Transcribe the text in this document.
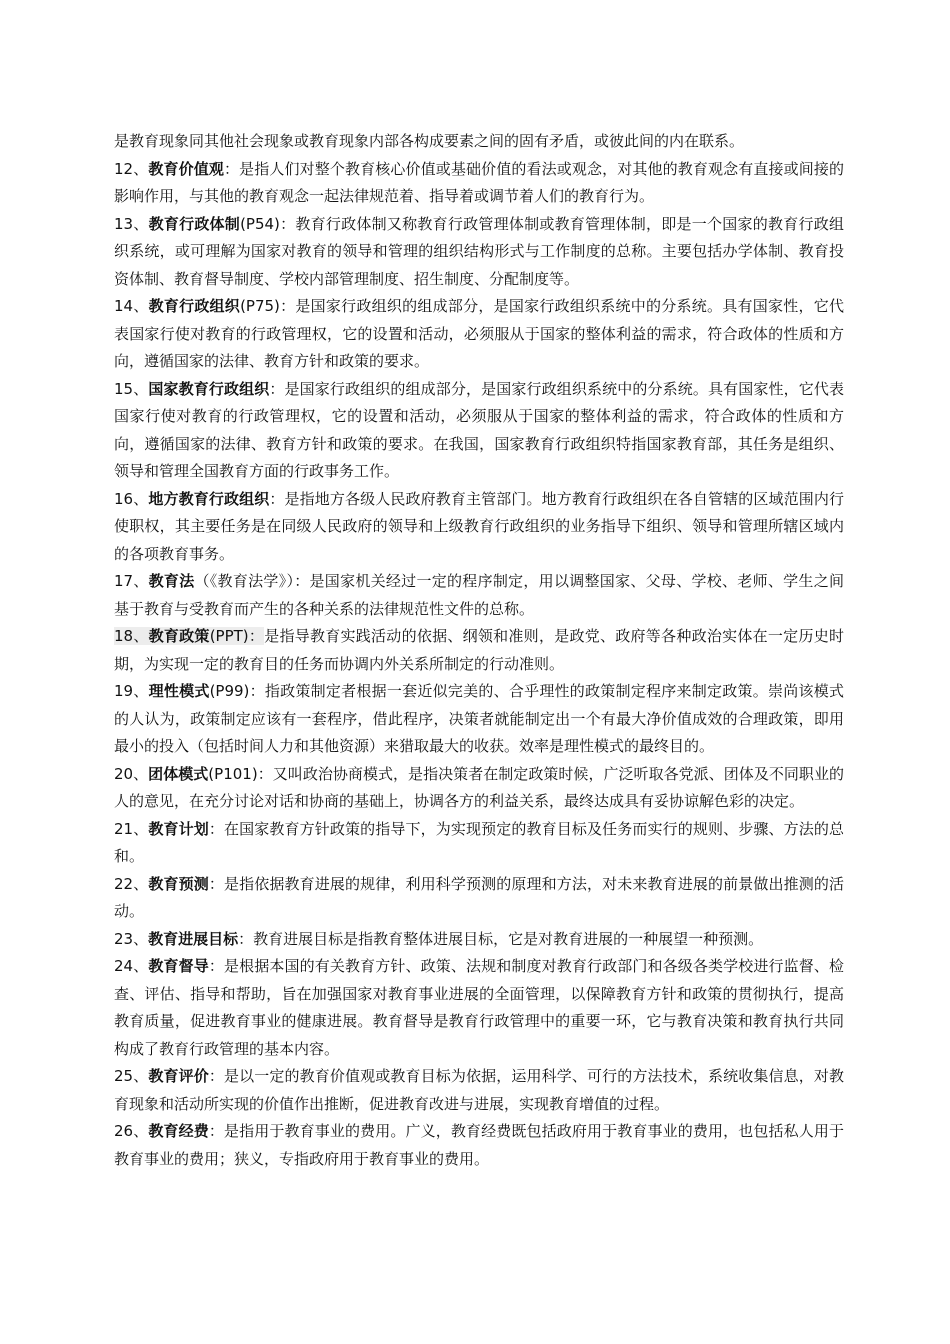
是教育现象同其他社会现象或教育现象内部各构成要素之间的固有矛盾，或彼此间的内在联系。

12、教育价值观：是指人们对整个教育核心价值或基础价值的看法或观念，对其他的教育观念有直接或间接的影响作用，与其他的教育观念一起法律规范着、指导着或调节着人们的教育行为。

13、教育行政体制(P54)：教育行政体制又称教育行政管理体制或教育管理体制，即是一个国家的教育行政组织系统，或可理解为国家对教育的领导和管理的组织结构形式与工作制度的总称。主要包括办学体制、教育投资体制、教育督导制度、学校内部管理制度、招生制度、分配制度等。

14、教育行政组织(P75)：是国家行政组织的组成部分，是国家行政组织系统中的分系统。具有国家性，它代表国家行使对教育的行政管理权，它的设置和活动，必须服从于国家的整体利益的需求，符合政体的性质和方向，遵循国家的法律、教育方针和政策的要求。

15、国家教育行政组织：是国家行政组织的组成部分，是国家行政组织系统中的分系统。具有国家性，它代表国家行使对教育的行政管理权，它的设置和活动，必须服从于国家的整体利益的需求，符合政体的性质和方向，遵循国家的法律、教育方针和政策的要求。在我国，国家教育行政组织特指国家教育部，其任务是组织、领导和管理全国教育方面的行政事务工作。

16、地方教育行政组织：是指地方各级人民政府教育主管部门。地方教育行政组织在各自管辖的区域范围内行使职权，其主要任务是在同级人民政府的领导和上级教育行政组织的业务指导下组织、领导和管理所辖区域内的各项教育事务。

17、教育法（《教育法学》）：是国家机关经过一定的程序制定，用以调整国家、父母、学校、老师、学生之间基于教育与受教育而产生的各种关系的法律规范性文件的总称。

18、教育政策(PPT)：是指导教育实践活动的依据、纲领和准则，是政党、政府等各种政治实体在一定历史时期，为实现一定的教育目的任务而协调内外关系所制定的行动准则。

19、理性模式(P99)：指政策制定者根据一套近似完美的、合乎理性的政策制定程序来制定政策。崇尚该模式的人认为，政策制定应该有一套程序，借此程序，决策者就能制定出一个有最大净价值成效的合理政策，即用最小的投入（包括时间人力和其他资源）来猎取最大的收获。效率是理性模式的最终目的。

20、团体模式(P101)：又叫政治协商模式，是指决策者在制定政策时候，广泛听取各党派、团体及不同职业的人的意见，在充分讨论对话和协商的基础上，协调各方的利益关系，最终达成具有妥协谅解色彩的决定。

21、教育计划：在国家教育方针政策的指导下，为实现预定的教育目标及任务而实行的规则、步骤、方法的总和。

22、教育预测：是指依据教育进展的规律，利用科学预测的原理和方法，对未来教育进展的前景做出推测的活动。

23、教育进展目标：教育进展目标是指教育整体进展目标，它是对教育进展的一种展望一种预测。

24、教育督导：是根据本国的有关教育方针、政策、法规和制度对教育行政部门和各级各类学校进行监督、检查、评估、指导和帮助，旨在加强国家对教育事业进展的全面管理，以保障教育方针和政策的贯彻执行，提高教育质量，促进教育事业的健康进展。教育督导是教育行政管理中的重要一环，它与教育决策和教育执行共同构成了教育行政管理的基本内容。

25、教育评价：是以一定的教育价值观或教育目标为依据，运用科学、可行的方法技术，系统收集信息，对教育现象和活动所实现的价值作出推断，促进教育改进与进展，实现教育增值的过程。

26、教育经费：是指用于教育事业的费用。广义，教育经费既包括政府用于教育事业的费用，也包括私人用于教育事业的费用；狭义，专指政府用于教育事业的费用。
